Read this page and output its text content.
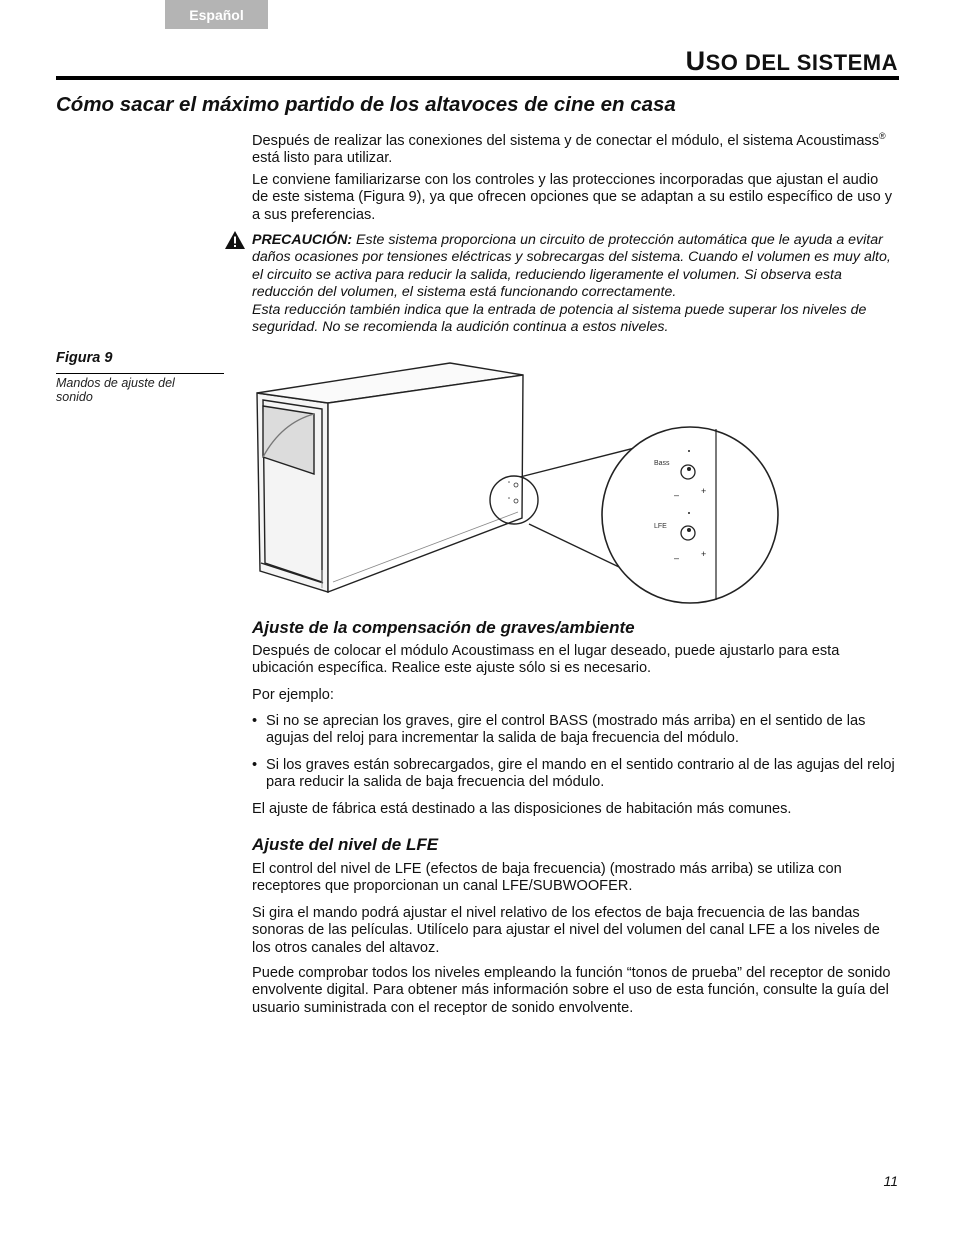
Español
USO DEL SISTEMA
Cómo sacar el máximo partido de los altavoces de cine en casa

Después de realizar las conexiones del sistema y de conectar el módulo, el sistema Acoustimass® está listo para utilizar.

Le conviene familiarizarse con los controles y las protecciones incorporadas que ajustan el audio de este sistema (Figura 9), ya que ofrecen opciones que se adaptan a su estilo específico de uso y a sus preferencias.

PRECAUCIÓN: Este sistema proporciona un circuito de protección automática que le ayuda a evitar daños ocasiones por tensiones eléctricas y sobrecargas del sistema. Cuando el volumen es muy alto, el circuito se activa para reducir la salida, reduciendo ligeramente el volumen. Si observa esta reducción del volumen, el sistema está funcionando correctamente.
Esta reducción también indica que la entrada de potencia al sistema puede superar los niveles de seguridad. No se recomienda la audición continua a estos niveles.
Figura 9
Mandos de ajuste del sonido
Bass
– +
LFE
– +
Ajuste de la compensación de graves/ambiente

Después de colocar el módulo Acoustimass en el lugar deseado, puede ajustarlo para esta ubicación específica. Realice este ajuste sólo si es necesario.

Por ejemplo:

• Si no se aprecian los graves, gire el control BASS (mostrado más arriba) en el sentido de las agujas del reloj para incrementar la salida de baja frecuencia del módulo.
• Si los graves están sobrecargados, gire el mando en el sentido contrario al de las agujas del reloj para reducir la salida de baja frecuencia del módulo.

El ajuste de fábrica está destinado a las disposiciones de habitación más comunes.

Ajuste del nivel de LFE

El control del nivel de LFE (efectos de baja frecuencia) (mostrado más arriba) se utiliza con receptores que proporcionan un canal LFE/SUBWOOFER.

Si gira el mando podrá ajustar el nivel relativo de los efectos de baja frecuencia de las bandas sonoras de las películas. Utilícelo para ajustar el nivel del volumen del canal LFE a los niveles de los otros canales del altavoz.

Puede comprobar todos los niveles empleando la función “tonos de prueba” del receptor de sonido envolvente digital. Para obtener más información sobre el uso de esta función, consulte la guía del usuario suministrada con el receptor de sonido envolvente.

11
